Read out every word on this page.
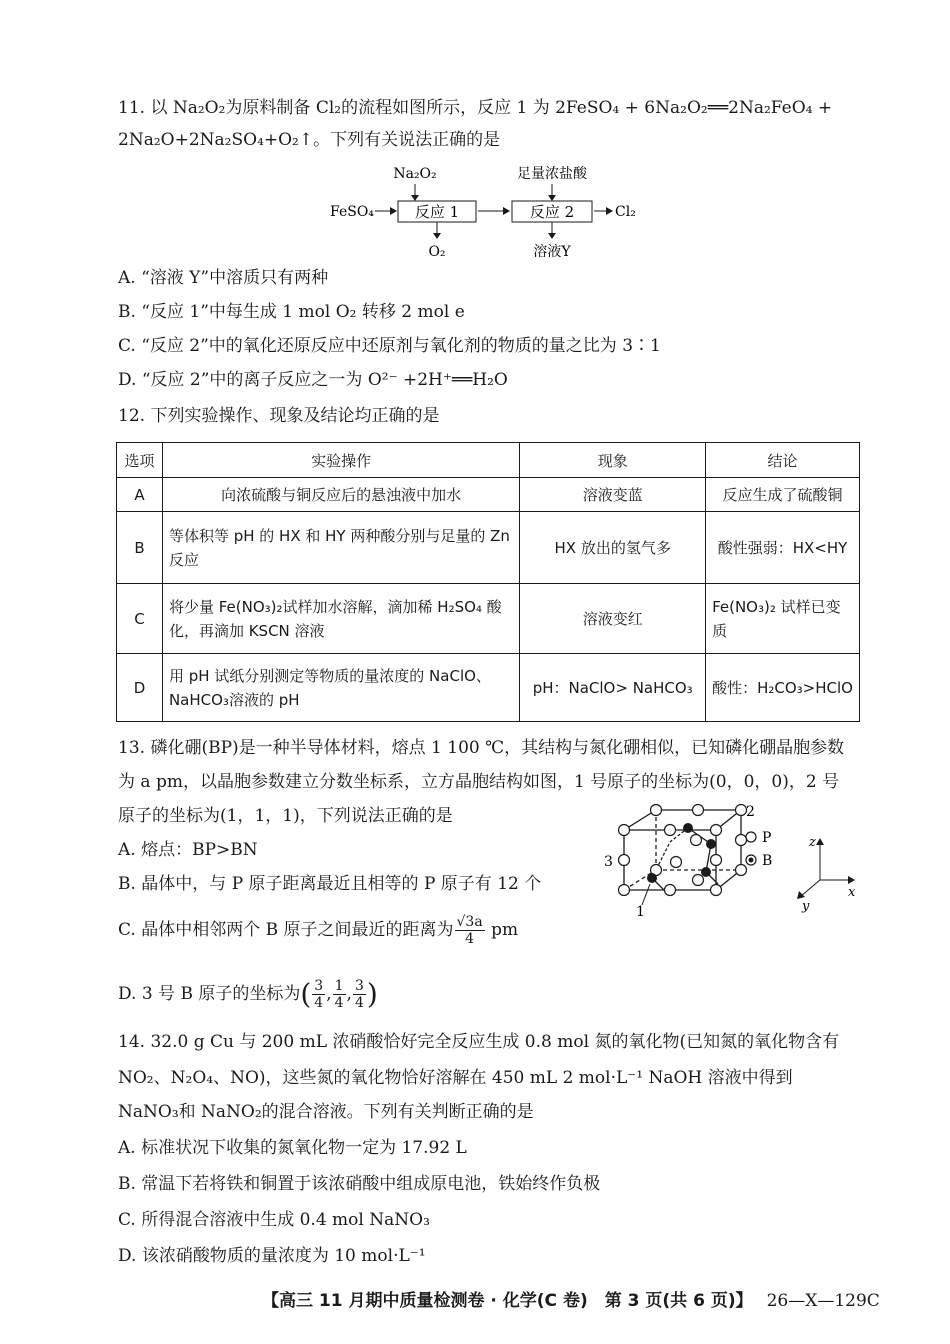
11. 以 Na₂O₂为原料制备 Cl₂的流程如图所示，反应 1 为 2FeSO₄ + 6Na₂O₂══2Na₂FeO₄ +
2Na₂O+2Na₂SO₄+O₂↑。下列有关说法正确的是
Na₂O₂	足量浓盐酸
FeSO₄	反应 1	反应 2	Cl₂
O₂	溶液Y
A. “溶液 Y”中溶质只有两种
B. “反应 1”中每生成 1 mol O₂ 转移 2 mol e
C. “反应 2”中的氧化还原反应中还原剂与氧化剂的物质的量之比为 3∶1
D. “反应 2”中的离子反应之一为 O²⁻ +2H⁺══H₂O
12. 下列实验操作、现象及结论均正确的是
选项	实验操作	现象	结论
A	向浓硫酸与铜反应后的悬浊液中加水	溶液变蓝	反应生成了硫酸铜
B	等体积等 pH 的 HX 和 HY 两种酸分别与足量的 Zn 反应	HX 放出的氢气多	酸性强弱：HX<HY
C	将少量 Fe(NO₃)₂试样加水溶解，滴加稀 H₂SO₄ 酸化，再滴加 KSCN 溶液	溶液变红	Fe(NO₃)₂ 试样已变质
D	用 pH 试纸分别测定等物质的量浓度的 NaClO、NaHCO₃溶液的 pH	pH：NaClO> NaHCO₃	酸性：H₂CO₃>HClO
13. 磷化硼(BP)是一种半导体材料，熔点 1 100 ℃，其结构与氮化硼相似，已知磷化硼晶胞参数
为 a pm，以晶胞参数建立分数坐标系，立方晶胞结构如图，1 号原子的坐标为(0，0，0)，2 号
原子的坐标为(1，1，1)，下列说法正确的是
A. 熔点：BP>BN
B. 晶体中，与 P 原子距离最近且相等的 P 原子有 12 个
C. 晶体中相邻两个 B 原子之间最近的距离为 $\frac{√3a}{4}$ pm
D. 3 号 B 原子的坐标为( $\frac{3}{4}$ , $\frac{1}{4}$ , $\frac{3}{4}$ )
2
3
1
P
B
z
x
y
14. 32.0 g Cu 与 200 mL 浓硝酸恰好完全反应生成 0.8 mol 氮的氧化物(已知氮的氧化物含有
NO₂、N₂O₄、NO)，这些氮的氧化物恰好溶解在 450 mL 2 mol·L⁻¹ NaOH 溶液中得到
NaNO₃和 NaNO₂的混合溶液。下列有关判断正确的是
A. 标准状况下收集的氮氧化物一定为 17.92 L
B. 常温下若将铁和铜置于该浓硝酸中组成原电池，铁始终作负极
C. 所得混合溶液中生成 0.4 mol NaNO₃
D. 该浓硝酸物质的量浓度为 10 mol·L⁻¹
【高三 11 月期中质量检测卷 · 化学(C 卷)　第 3 页(共 6 页)】 26—X—129C
